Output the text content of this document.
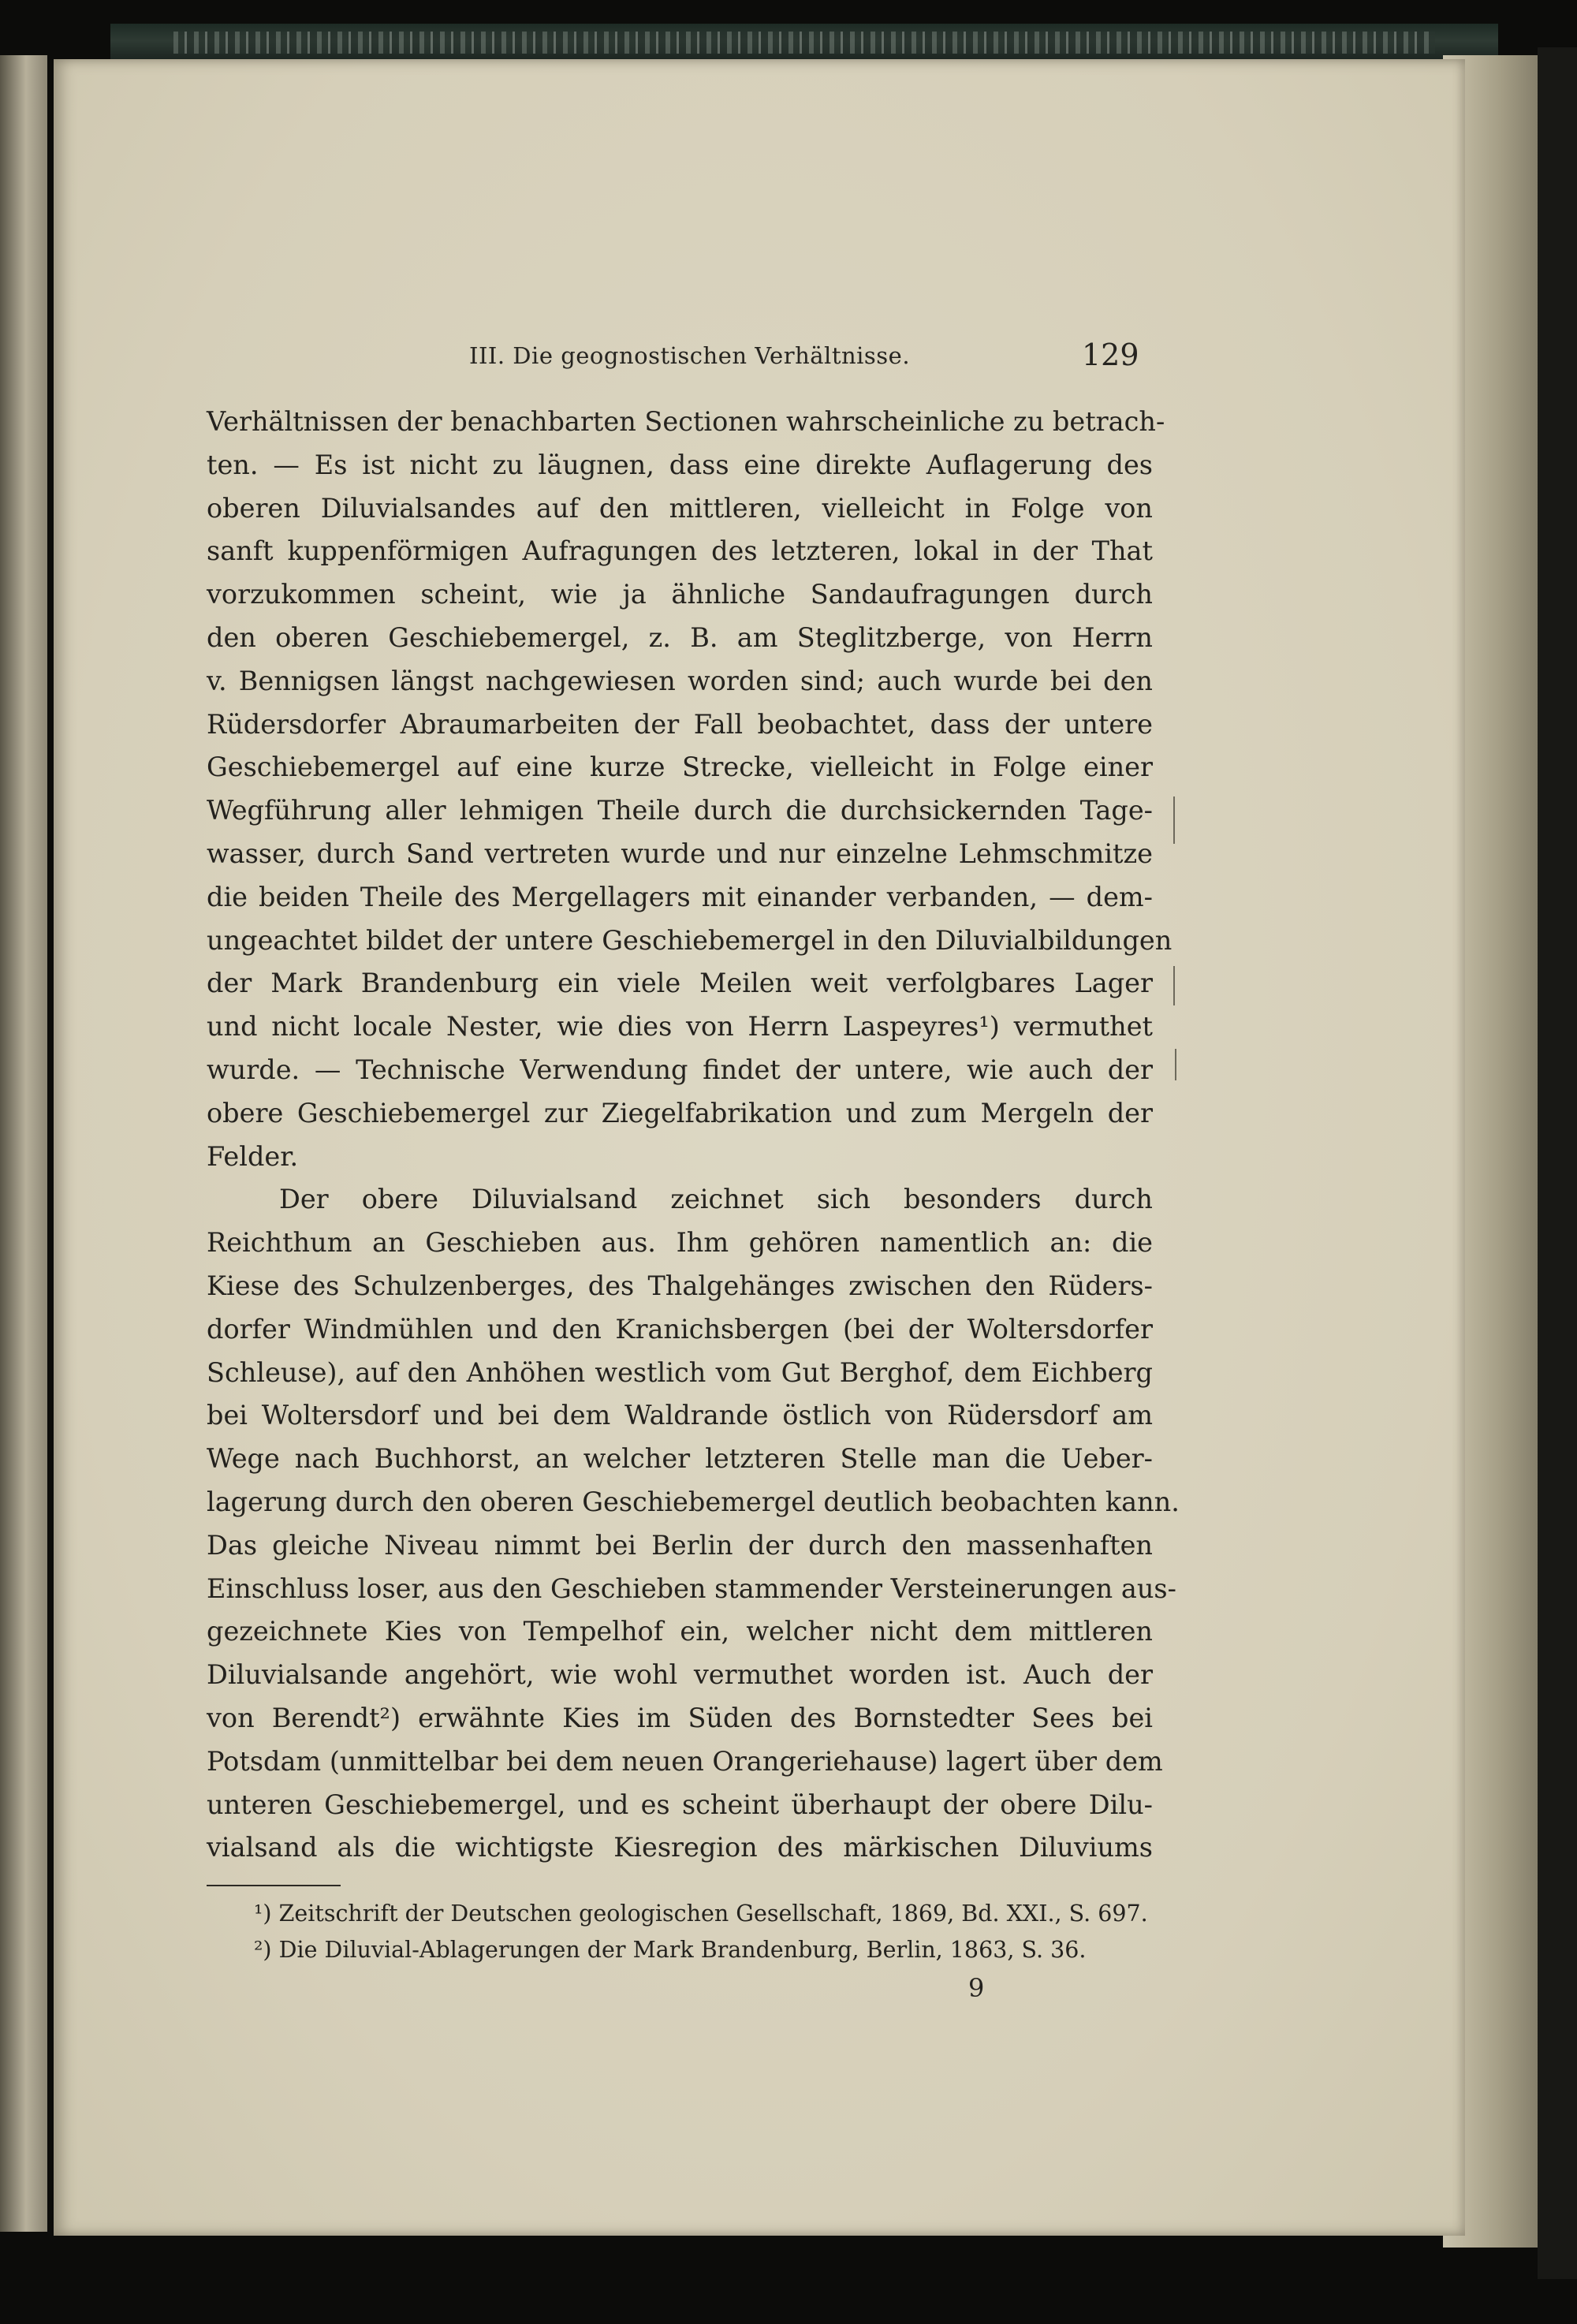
III. Die geognostischen Verhältnisse.	129
Verhältnissen der benachbarten Sectionen wahrscheinliche zu betrach-
ten. — Es ist nicht zu läugnen, dass eine direkte Auflagerung des
oberen Diluvialsandes auf den mittleren, vielleicht in Folge von
sanft kuppenförmigen Aufragungen des letzteren, lokal in der That
vorzukommen scheint, wie ja ähnliche Sandaufragungen durch
den oberen Geschiebemergel, z. B. am Steglitzberge, von Herrn
v. Bennigsen längst nachgewiesen worden sind; auch wurde bei den
Rüdersdorfer Abraumarbeiten der Fall beobachtet, dass der untere
Geschiebemergel auf eine kurze Strecke, vielleicht in Folge einer
Wegführung aller lehmigen Theile durch die durchsickernden Tage-
wasser, durch Sand vertreten wurde und nur einzelne Lehmschmitze
die beiden Theile des Mergellagers mit einander verbanden, — dem-
ungeachtet bildet der untere Geschiebemergel in den Diluvialbildungen
der Mark Brandenburg ein viele Meilen weit verfolgbares Lager
und nicht locale Nester, wie dies von Herrn Laspeyres¹) vermuthet
wurde. — Technische Verwendung findet der untere, wie auch der
obere Geschiebemergel zur Ziegelfabrikation und zum Mergeln der
Felder.
Der obere Diluvialsand zeichnet sich besonders durch
Reichthum an Geschieben aus. Ihm gehören namentlich an: die
Kiese des Schulzenberges, des Thalgehänges zwischen den Rüders-
dorfer Windmühlen und den Kranichsbergen (bei der Woltersdorfer
Schleuse), auf den Anhöhen westlich vom Gut Berghof, dem Eichberg
bei Woltersdorf und bei dem Waldrande östlich von Rüdersdorf am
Wege nach Buchhorst, an welcher letzteren Stelle man die Ueber-
lagerung durch den oberen Geschiebemergel deutlich beobachten kann.
Das gleiche Niveau nimmt bei Berlin der durch den massenhaften
Einschluss loser, aus den Geschieben stammender Versteinerungen aus-
gezeichnete Kies von Tempelhof ein, welcher nicht dem mittleren
Diluvialsande angehört, wie wohl vermuthet worden ist. Auch der
von Berendt²) erwähnte Kies im Süden des Bornstedter Sees bei
Potsdam (unmittelbar bei dem neuen Orangeriehause) lagert über dem
unteren Geschiebemergel, und es scheint überhaupt der obere Dilu-
vialsand als die wichtigste Kiesregion des märkischen Diluviums
¹) Zeitschrift der Deutschen geologischen Gesellschaft, 1869, Bd. XXI., S. 697.
²) Die Diluvial-Ablagerungen der Mark Brandenburg, Berlin, 1863, S. 36.
9
